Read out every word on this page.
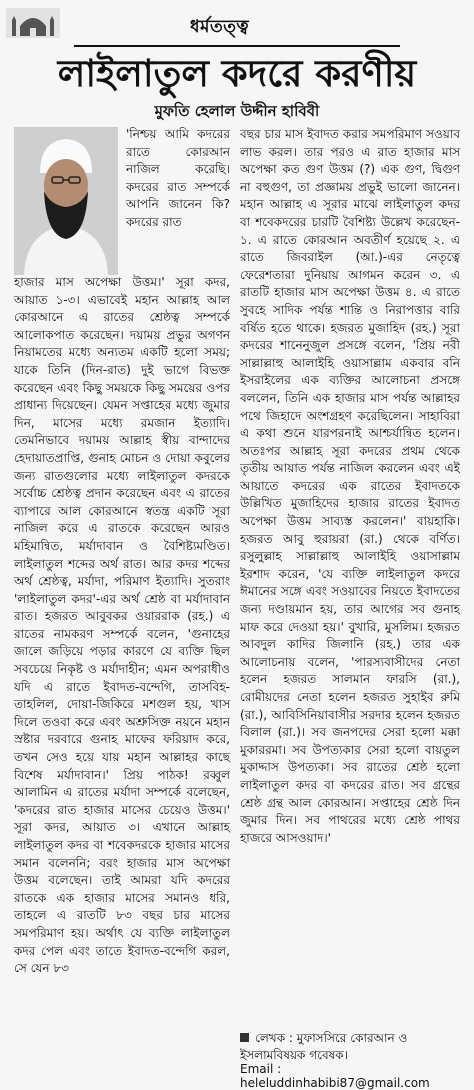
ধর্মতত্ত্ব
লাইলাতুল কদরে করণীয়
মুফতি হেলাল উদ্দীন হাবিবী

'নিশ্চয় আমি কদরের রাতে কোরআন নাজিল করেছি। কদরের রাত সম্পর্কে আপনি জানেন কি? কদরের রাত

হাজার মাস অপেক্ষা উত্তম।' সূরা কদর, আয়াত ১-৩। এভাবেই মহান আল্লাহ আল কোরআনে এ রাতের শ্রেষ্ঠত্ব সম্পর্কে আলোকপাত করেছেন। দয়াময় প্রভুর অগণন নিয়ামতের মধ্যে অন্যতম একটি হলো সময়; যাকে তিনি (দিন-রাত) দুই ভাগে বিভক্ত করেছেন এবং কিছু সময়কে কিছু সময়ের ওপর প্রাধান্য দিয়েছেন। যেমন সপ্তাহের মধ্যে জুমার দিন, মাসের মধ্যে রমজান ইত্যাদি। তেমনিভাবে দয়াময় আল্লাহ স্বীয় বান্দাদের হেদায়াতপ্রাপ্তি, গুনাহ মোচন ও দোয়া কবুলের জন্য রাতগুলোর মধ্যে লাইলাতুল কদরকে সর্বোচ্চ শ্রেষ্ঠত্ব প্রদান করেছেন এবং এ রাতের ব্যাপারে আল কোরআনে স্বতন্ত্র একটি সূরা নাজিল করে এ রাতকে করেছেন আরও মহিমান্বিত, মর্যাদাবান ও বৈশিষ্ট্যমণ্ডিত। লাইলাতুল শব্দের অর্থ রাত। আর কদর শব্দের অর্থ শ্রেষ্ঠত্ব, মর্যাদা, পরিমাণ ইত্যাদি। সুতরাং 'লাইলাতুল কদর'-এর অর্থ শ্রেষ্ঠ বা মর্যাদাবান রাত। হজরত আবুবকর ওয়াররাক (রহ.) এ রাতের নামকরণ সম্পর্কে বলেন, 'গুনাহের জালে জড়িয়ে পড়ার কারণে যে ব্যক্তি ছিল সবচেয়ে নিকৃষ্ট ও মর্যাদাহীন; এমন অপরাধীও যদি এ রাতে ইবাদত-বন্দেগি, তাসবিহ-তাহলিল, দোয়া-জিকিরে মশগুল হয়, খাস দিলে তওবা করে এবং অশ্রুসিক্ত নয়নে মহান স্রষ্টার দরবারে গুনাহ মাফের ফরিয়াদ করে, তখন সেও হয়ে যায় মহান আল্লাহর কাছে বিশেষ মর্যাদাবান।' প্রিয় পাঠক! রব্বুল আলামিন এ রাতের মর্যাদা সম্পর্কে বলেছেন, 'কদরের রাত হাজার মাসের চেয়েও উত্তম।' সূরা কদর, আয়াত ৩। এখানে আল্লাহ লাইলাতুল কদর বা শবেকদরকে হাজার মাসের সমান বলেননি; বরং হাজার মাস অপেক্ষা উত্তম বলেছেন। তাই আমরা যদি কদরের রাতকে এক হাজার মাসের সমানও ধরি, তাহলে এ রাতটি ৮৩ বছর চার মাসের সমপরিমাণ হয়। অর্থাৎ যে ব্যক্তি লাইলাতুল কদর পেল এবং তাতে ইবাদত-বন্দেগি করল, সে যেন ৮৩

বছর চার মাস ইবাদত করার সমপরিমাণ সওয়াব লাভ করল। তার পরও এ রাত হাজার মাস অপেক্ষা কত গুণ উত্তম (?) এক গুণ, দ্বিগুণ না বহুগুণ, তা প্রজ্ঞাময় প্রভুই ভালো জানেন। মহান আল্লাহ এ সূরার মাঝে লাইলাতুল কদর বা শবেকদরের চারটি বৈশিষ্ট্য উল্লেখ করেছেন- ১. এ রাতে কোরআন অবতীর্ণ হয়েছে ২. এ রাতে জিবরাইল (আ.)-এর নেতৃত্বে ফেরেশতারা দুনিয়ায় আগমন করেন ৩. এ রাতটি হাজার মাস অপেক্ষা উত্তম ৪. এ রাতে সুবহে সাদিক পর্যন্ত শান্তি ও নিরাপত্তার বারি বর্ষিত হতে থাকে। হজরত মুজাহিদ (রহ.) সূরা কদরের শানেনুজুল প্রসঙ্গে বলেন, 'প্রিয় নবী সাল্লাল্লাহু আলাইহি ওয়াসাল্লাম একবার বনি ইসরাইলের এক ব্যক্তির আলোচনা প্রসঙ্গে বললেন, তিনি এক হাজার মাস পর্যন্ত আল্লাহর পথে জিহাদে অংশগ্রহণ করেছিলেন। সাহাবিরা এ কথা শুনে যারপরনাই আশ্চর্যান্বিত হলেন। অতঃপর আল্লাহ সূরা কদরের প্রথম থেকে তৃতীয় আয়াত পর্যন্ত নাজিল করলেন এবং এই আয়াতে কদরের এক রাতের ইবাদতকে উল্লিখিত মুজাহিদের হাজার রাতের ইবাদত অপেক্ষা উত্তম সাব্যস্ত করলেন।' বায়হাকি। হজরত আবু হুরায়রা (রা.) থেকে বর্ণিত। রসুলুল্লাহ সাল্লাল্লাহু আলাইহি ওয়াসাল্লাম ইরশাদ করেন, 'যে ব্যক্তি লাইলাতুল কদরে ঈমানের সঙ্গে এবং সওয়াবের নিয়তে ইবাদতের জন্য দণ্ডায়মান হয়, তার আগের সব গুনাহ মাফ করে দেওয়া হয়।' বুখারি, মুসলিম। হজরত আবদুল কাদির জিলানি (রহ.) তার এক আলোচনায় বলেন, 'পারস্যবাসীদের নেতা হলেন হজরত সালমান ফারসি (রা.), রোমীয়দের নেতা হলেন হজরত সুহাইব রুমি (রা.), আবিসিনিয়াবাসীর সরদার হলেন হজরত বিলাল (রা.)। সব জনপদের সেরা হলো মক্কা মুকাররমা। সব উপত্যকার সেরা হলো বায়তুল মুকাদ্দাস উপত্যকা। সব রাতের শ্রেষ্ঠ হলো লাইলাতুল কদর বা কদরের রাত। সব গ্রন্থের শ্রেষ্ঠ গ্রন্থ আল কোরআন। সপ্তাহের শ্রেষ্ঠ দিন জুমার দিন। সব পাথরের মধ্যে শ্রেষ্ঠ পাথর হাজরে আসওয়াদ।'

লেখক : মুফাসসিরে কোরআন ও ইসলামবিষয়ক গবেষক।
Email : heleluddinhabibi87@gmail.com
